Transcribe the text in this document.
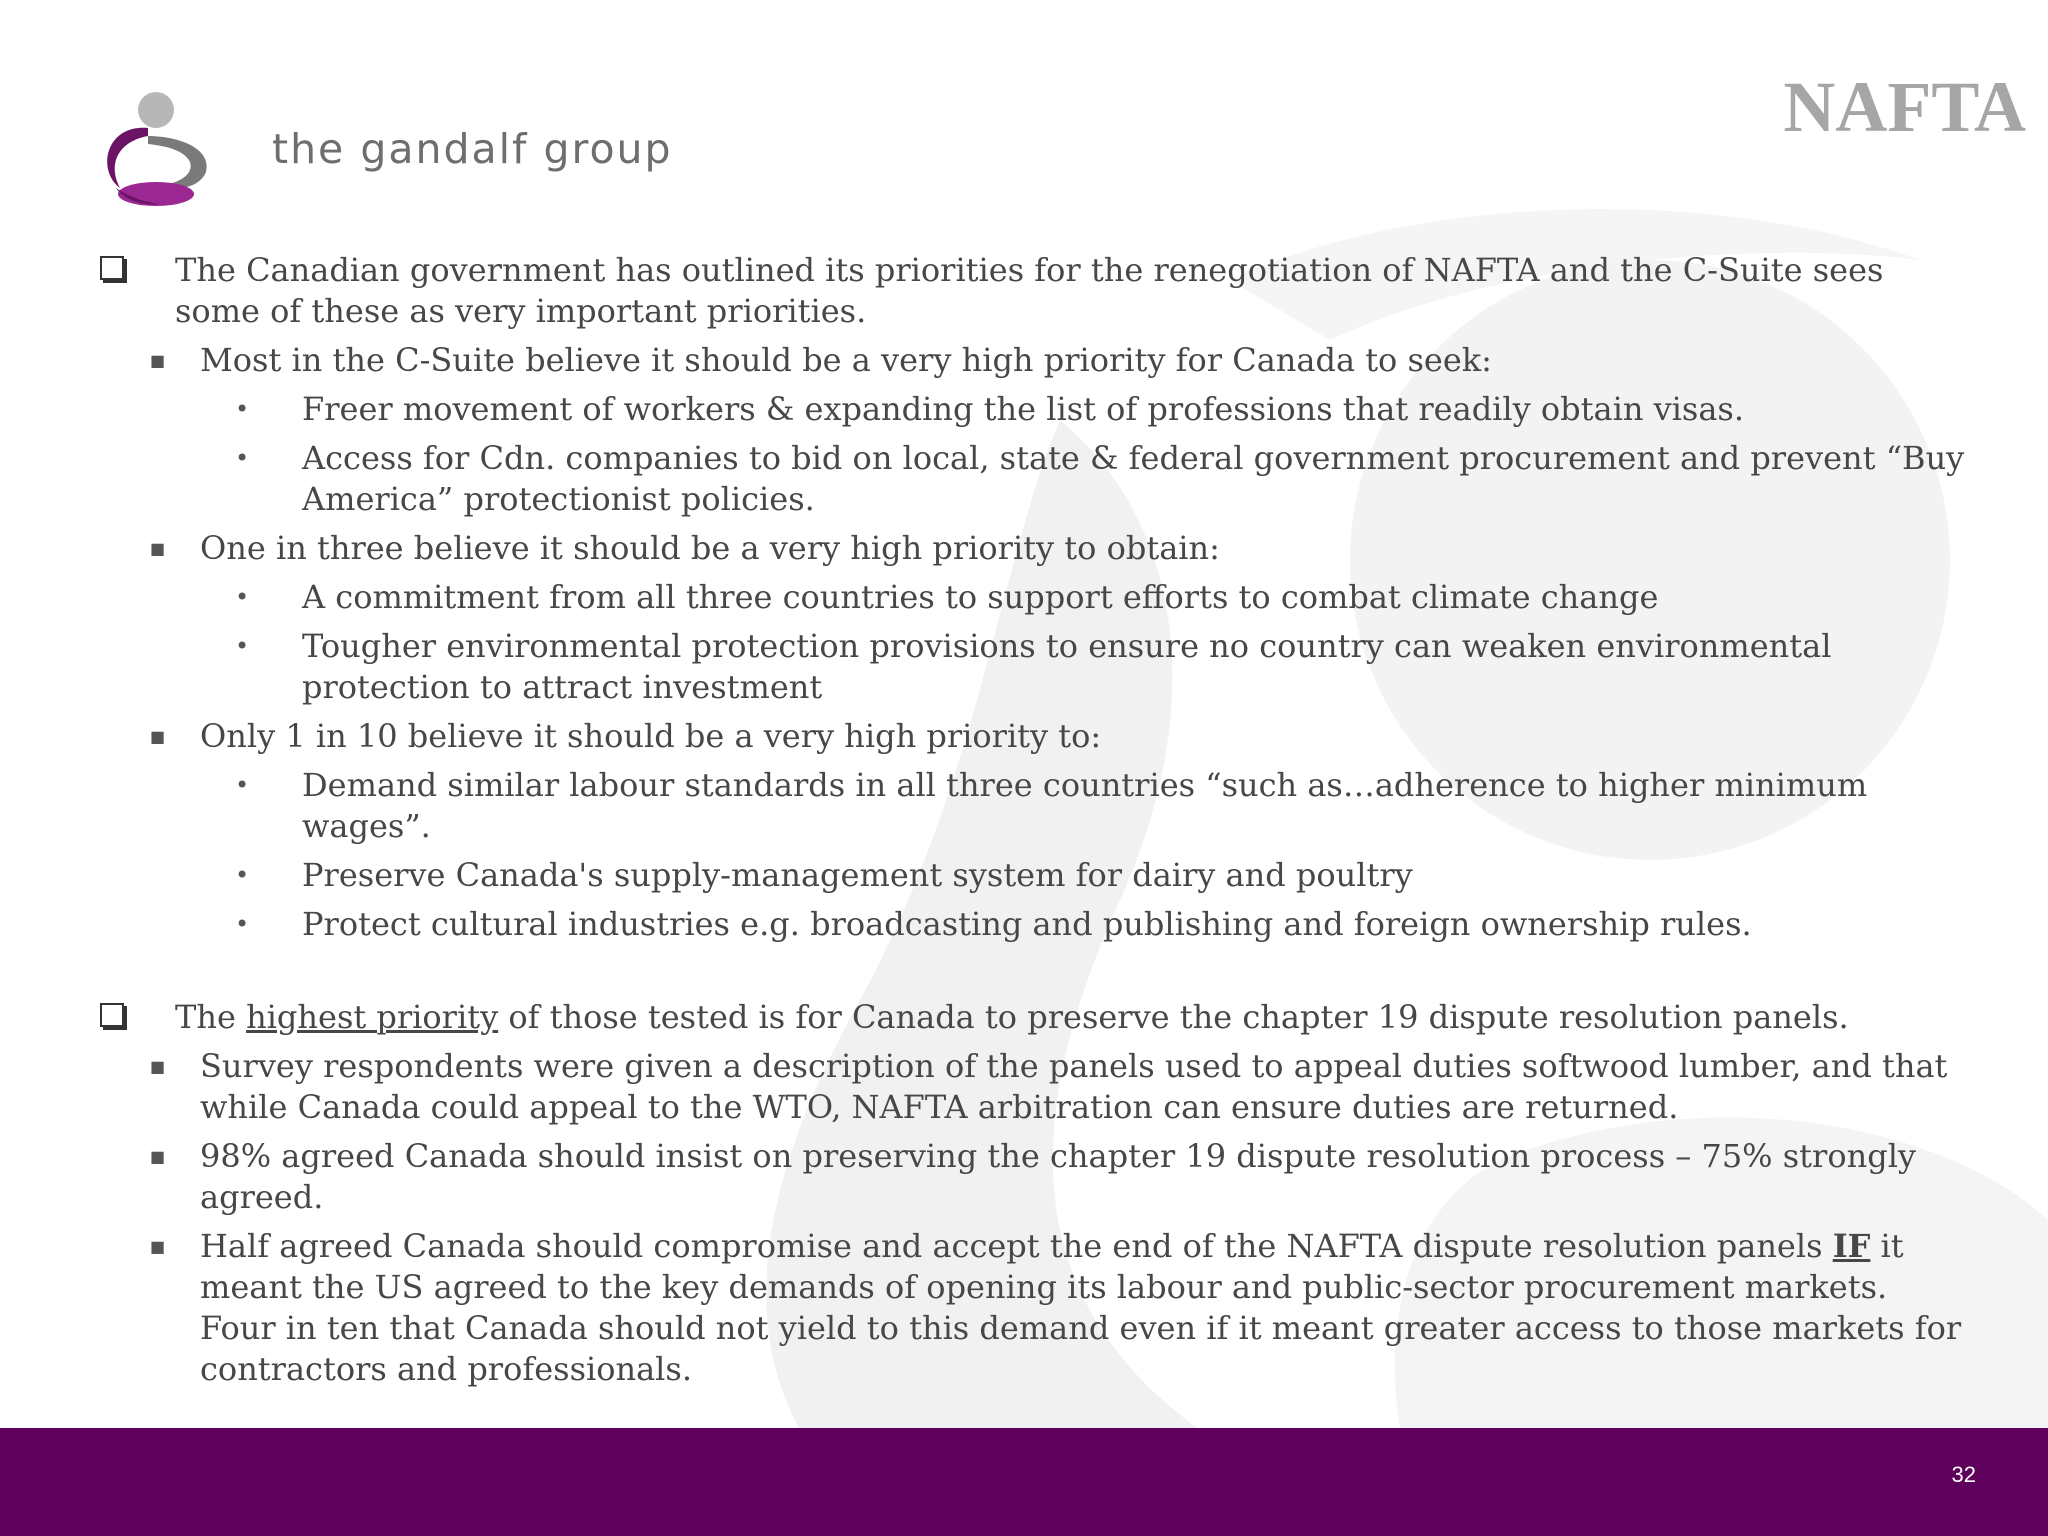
the gandalf group
NAFTA
The Canadian government has outlined its priorities for the renegotiation of NAFTA and the C-Suite sees some of these as very important priorities.
■ Most in the C-Suite believe it should be a very high priority for Canada to seek:
• Freer movement of workers & expanding the list of professions that readily obtain visas.
• Access for Cdn. companies to bid on local, state & federal government procurement and prevent “Buy America” protectionist policies.
■ One in three believe it should be a very high priority to obtain:
• A commitment from all three countries to support efforts to combat climate change
• Tougher environmental protection provisions to ensure no country can weaken environmental protection to attract investment
■ Only 1 in 10 believe it should be a very high priority to:
• Demand similar labour standards in all three countries “such as…adherence to higher minimum wages”.
• Preserve Canada's supply-management system for dairy and poultry
• Protect cultural industries e.g. broadcasting and publishing and foreign ownership rules.
The highest priority of those tested is for Canada to preserve the chapter 19 dispute resolution panels.
■ Survey respondents were given a description of the panels used to appeal duties softwood lumber, and that while Canada could appeal to the WTO, NAFTA arbitration can ensure duties are returned.
■ 98% agreed Canada should insist on preserving the chapter 19 dispute resolution process – 75% strongly agreed.
■ Half agreed Canada should compromise and accept the end of the NAFTA dispute resolution panels IF it meant the US agreed to the key demands of opening its labour and public-sector procurement markets. Four in ten that Canada should not yield to this demand even if it meant greater access to those markets for contractors and professionals.
32
